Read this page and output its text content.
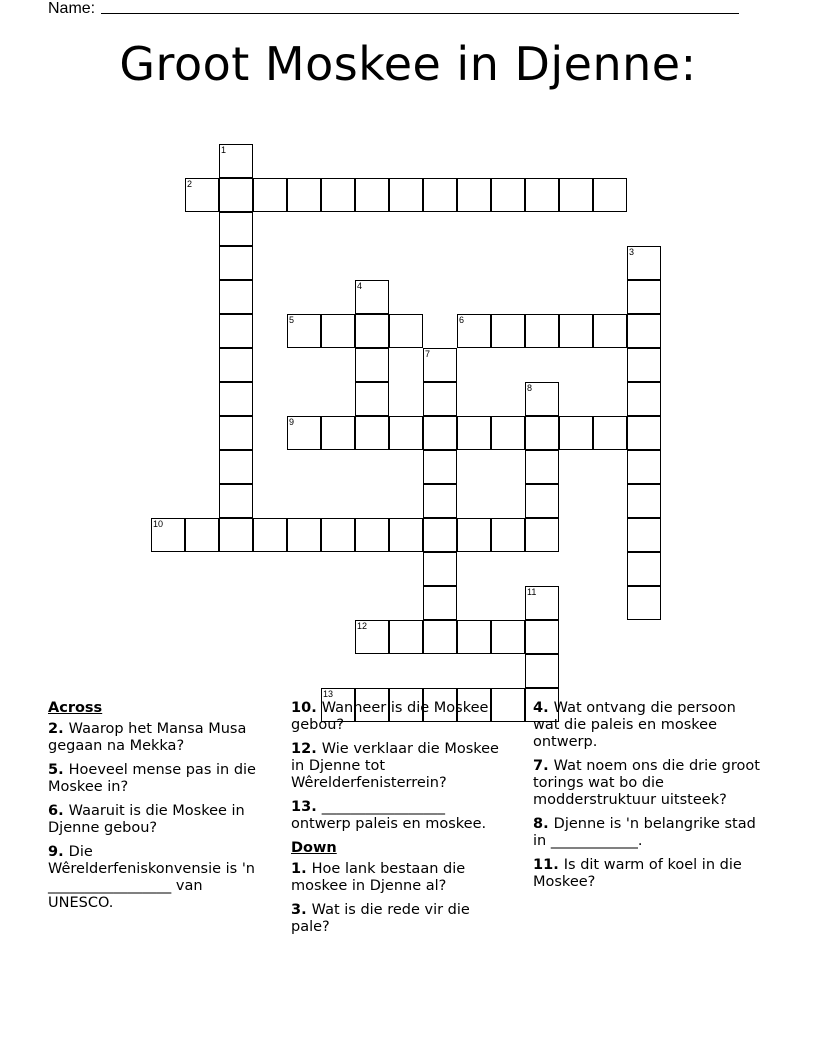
Name:
Groot Moskee in Djenne:
1
2
3
4
5	6
7
8
9
10
11
12
13
Across
2. Waarop het Mansa Musa gegaan na Mekka?
5. Hoeveel mense pas in die Moskee in?
6. Waaruit is die Moskee in Djenne gebou?
9. Die Wêrelderfeniskonvensie is 'n _________________ van UNESCO.
10. Wanneer is die Moskee gebou?
12. Wie verklaar die Moskee in Djenne tot Wêrelderfenisterrein?
13. _________________ ontwerp paleis en moskee.
Down
1. Hoe lank bestaan die moskee in Djenne al?
3. Wat is die rede vir die pale?
4. Wat ontvang die persoon wat die paleis en moskee ontwerp.
7. Wat noem ons die drie groot torings wat bo die modderstruktuur uitsteek?
8. Djenne is 'n belangrike stad in ____________.
11. Is dit warm of koel in die Moskee?
